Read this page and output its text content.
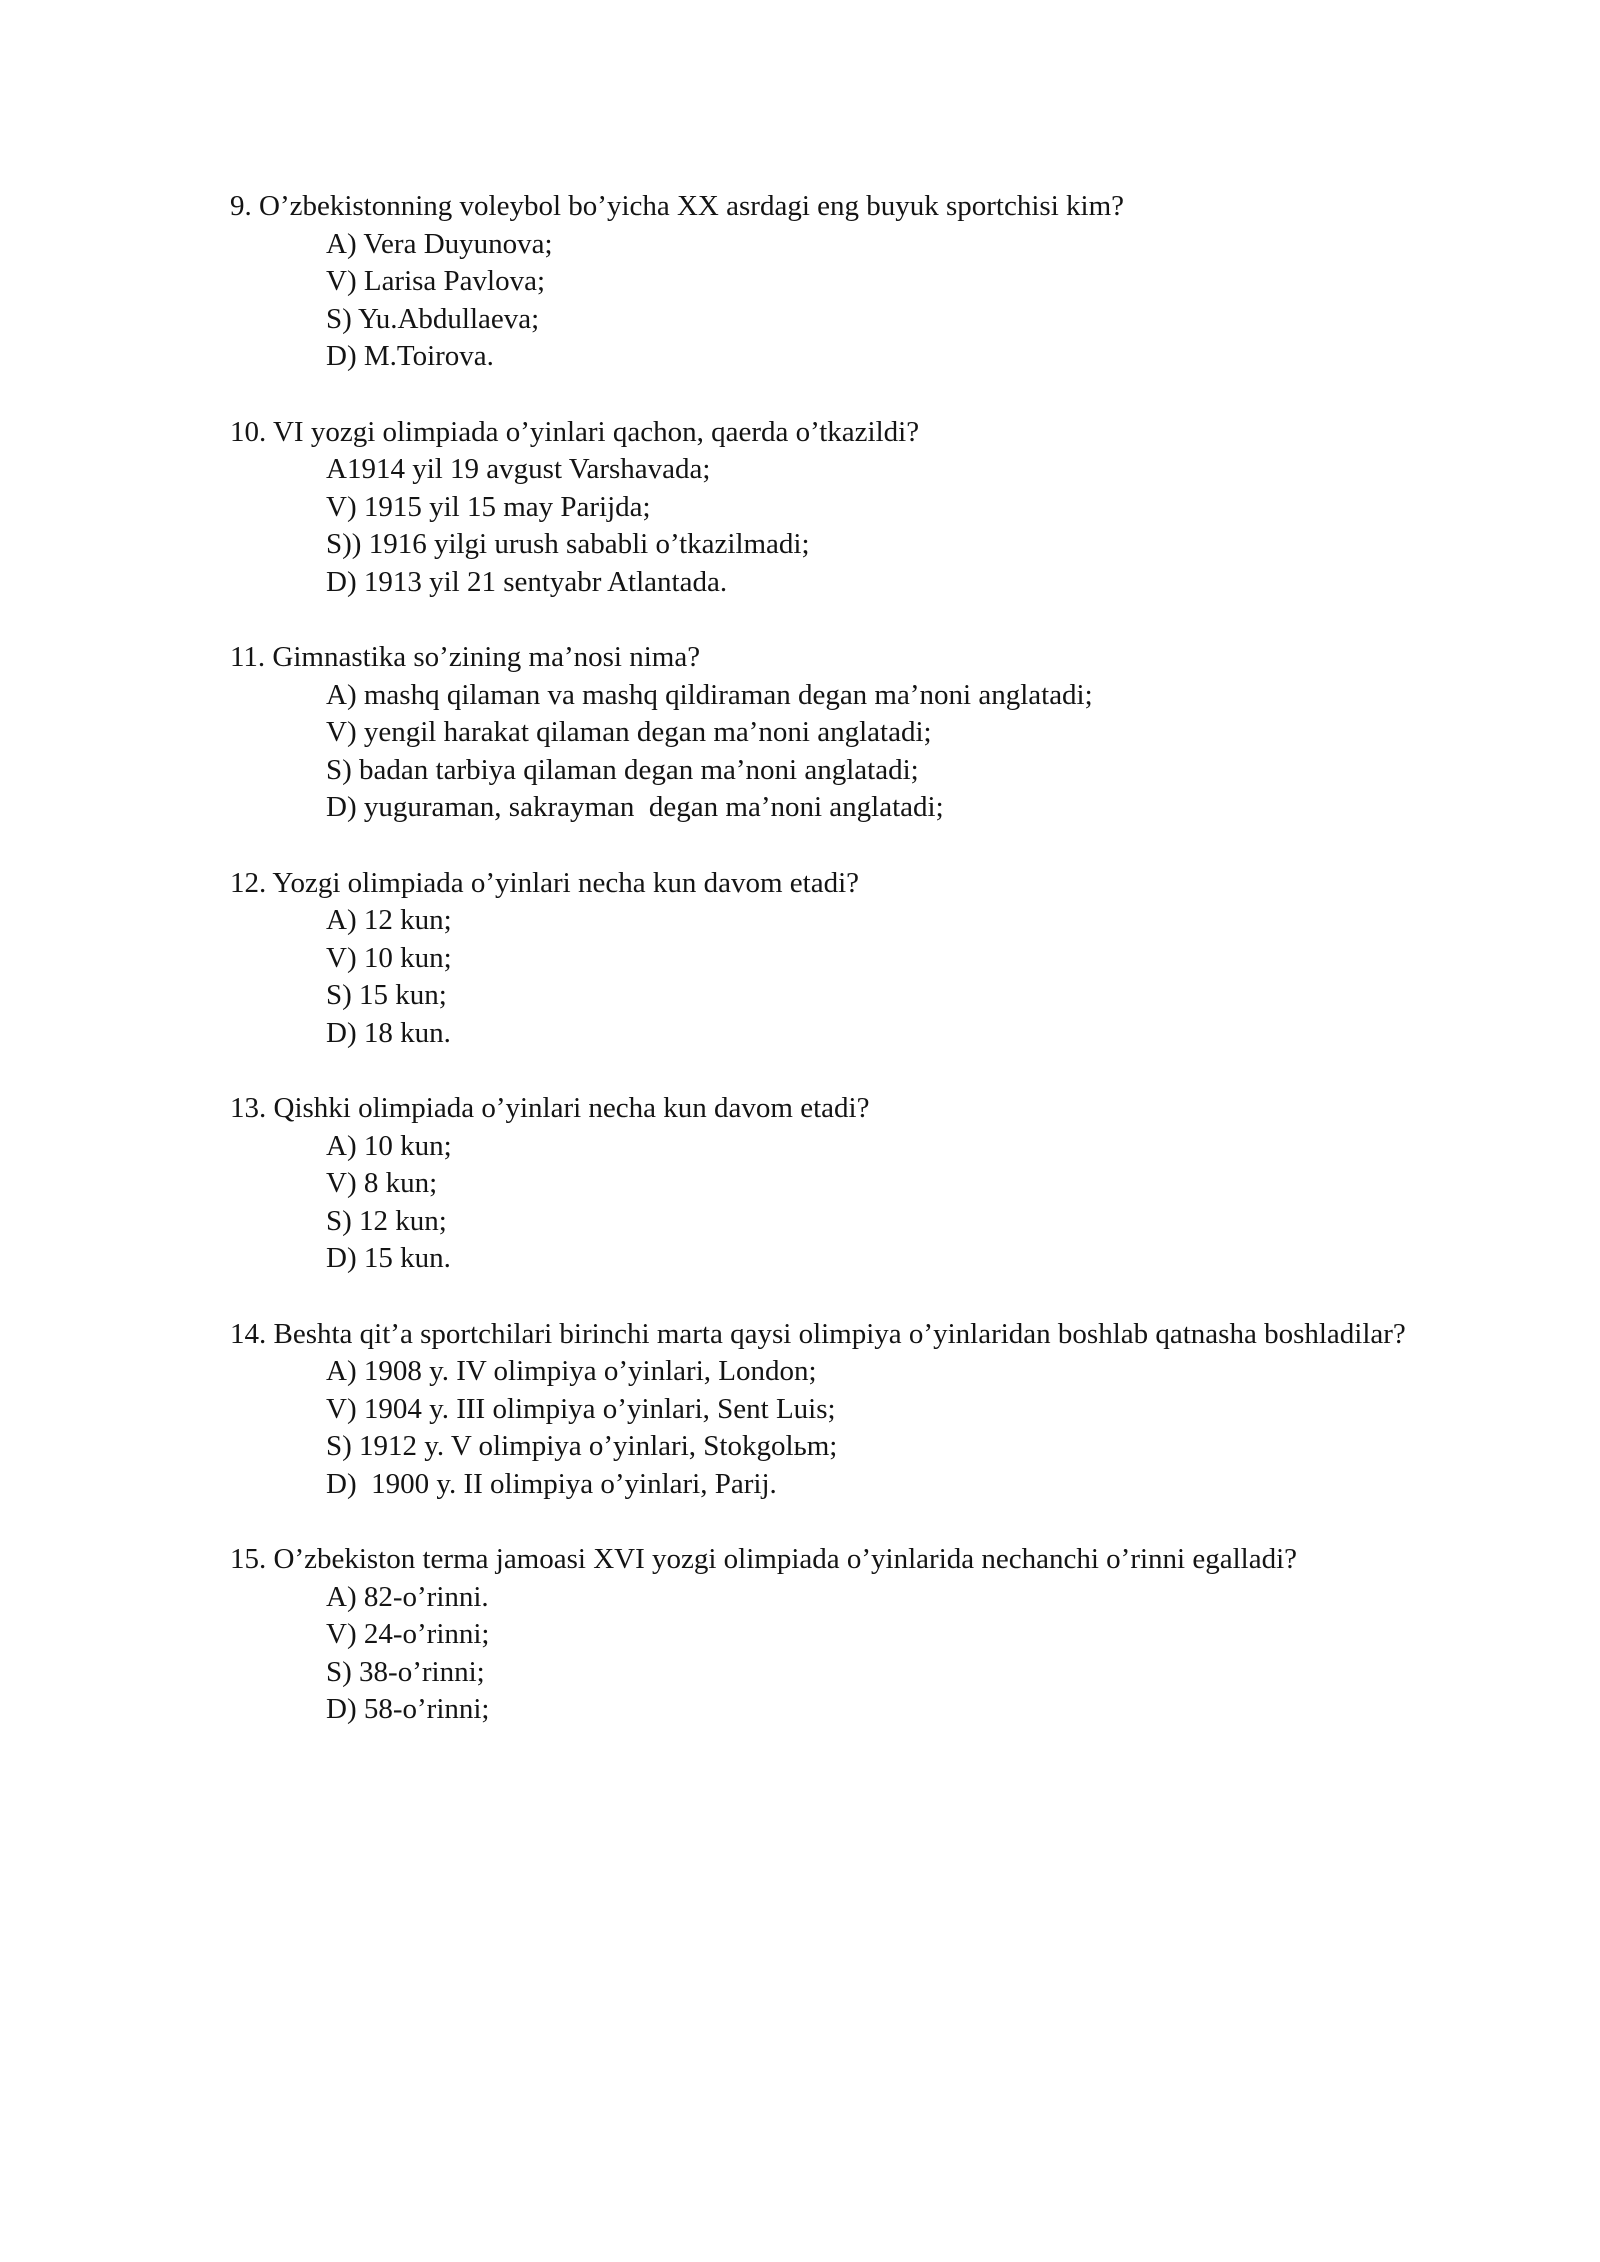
9. O’zbekistonning voleybol bo’yicha XX asrdagi eng buyuk sportchisi kim?

A) Vera Duyunova;
V) Larisa Pavlova;
S) Yu.Abdullaeva;
D) M.Toirova.

10. VI yozgi olimpiada o’yinlari qachon, qaerda o’tkazildi?

A1914 yil 19 avgust Varshavada;
V) 1915 yil 15 may Parijda;
S)) 1916 yilgi urush sababli o’tkazilmadi;
D) 1913 yil 21 sentyabr Atlantada.

11. Gimnastika so’zining ma’nosi nima?

A) mashq qilaman va mashq qildiraman degan ma’noni anglatadi;
V) yengil harakat qilaman degan ma’noni anglatadi;
S) badan tarbiya qilaman degan ma’noni anglatadi;
D) yuguraman, sakrayman  degan ma’noni anglatadi;

12. Yozgi olimpiada o’yinlari necha kun davom etadi?

A) 12 kun;
V) 10 kun;
S) 15 kun;
D) 18 kun.

13. Qishki olimpiada o’yinlari necha kun davom etadi?

A) 10 kun;
V) 8 kun;
S) 12 kun;
D) 15 kun.

14. Beshta qit’a sportchilari birinchi marta qaysi olimpiya o’yinlaridan boshlab qatnasha boshladilar?

A) 1908 y. IV olimpiya o’yinlari, London;
V) 1904 y. III olimpiya o’yinlari, Sent Luis;
S) 1912 y. V olimpiya o’yinlari, Stokgolьm;
D)  1900 y. II olimpiya o’yinlari, Parij.

15. O’zbekiston terma jamoasi XVI yozgi olimpiada o’yinlarida nechanchi o’rinni egalladi?

A) 82-o’rinni.
V) 24-o’rinni;
S) 38-o’rinni;
D) 58-o’rinni;
